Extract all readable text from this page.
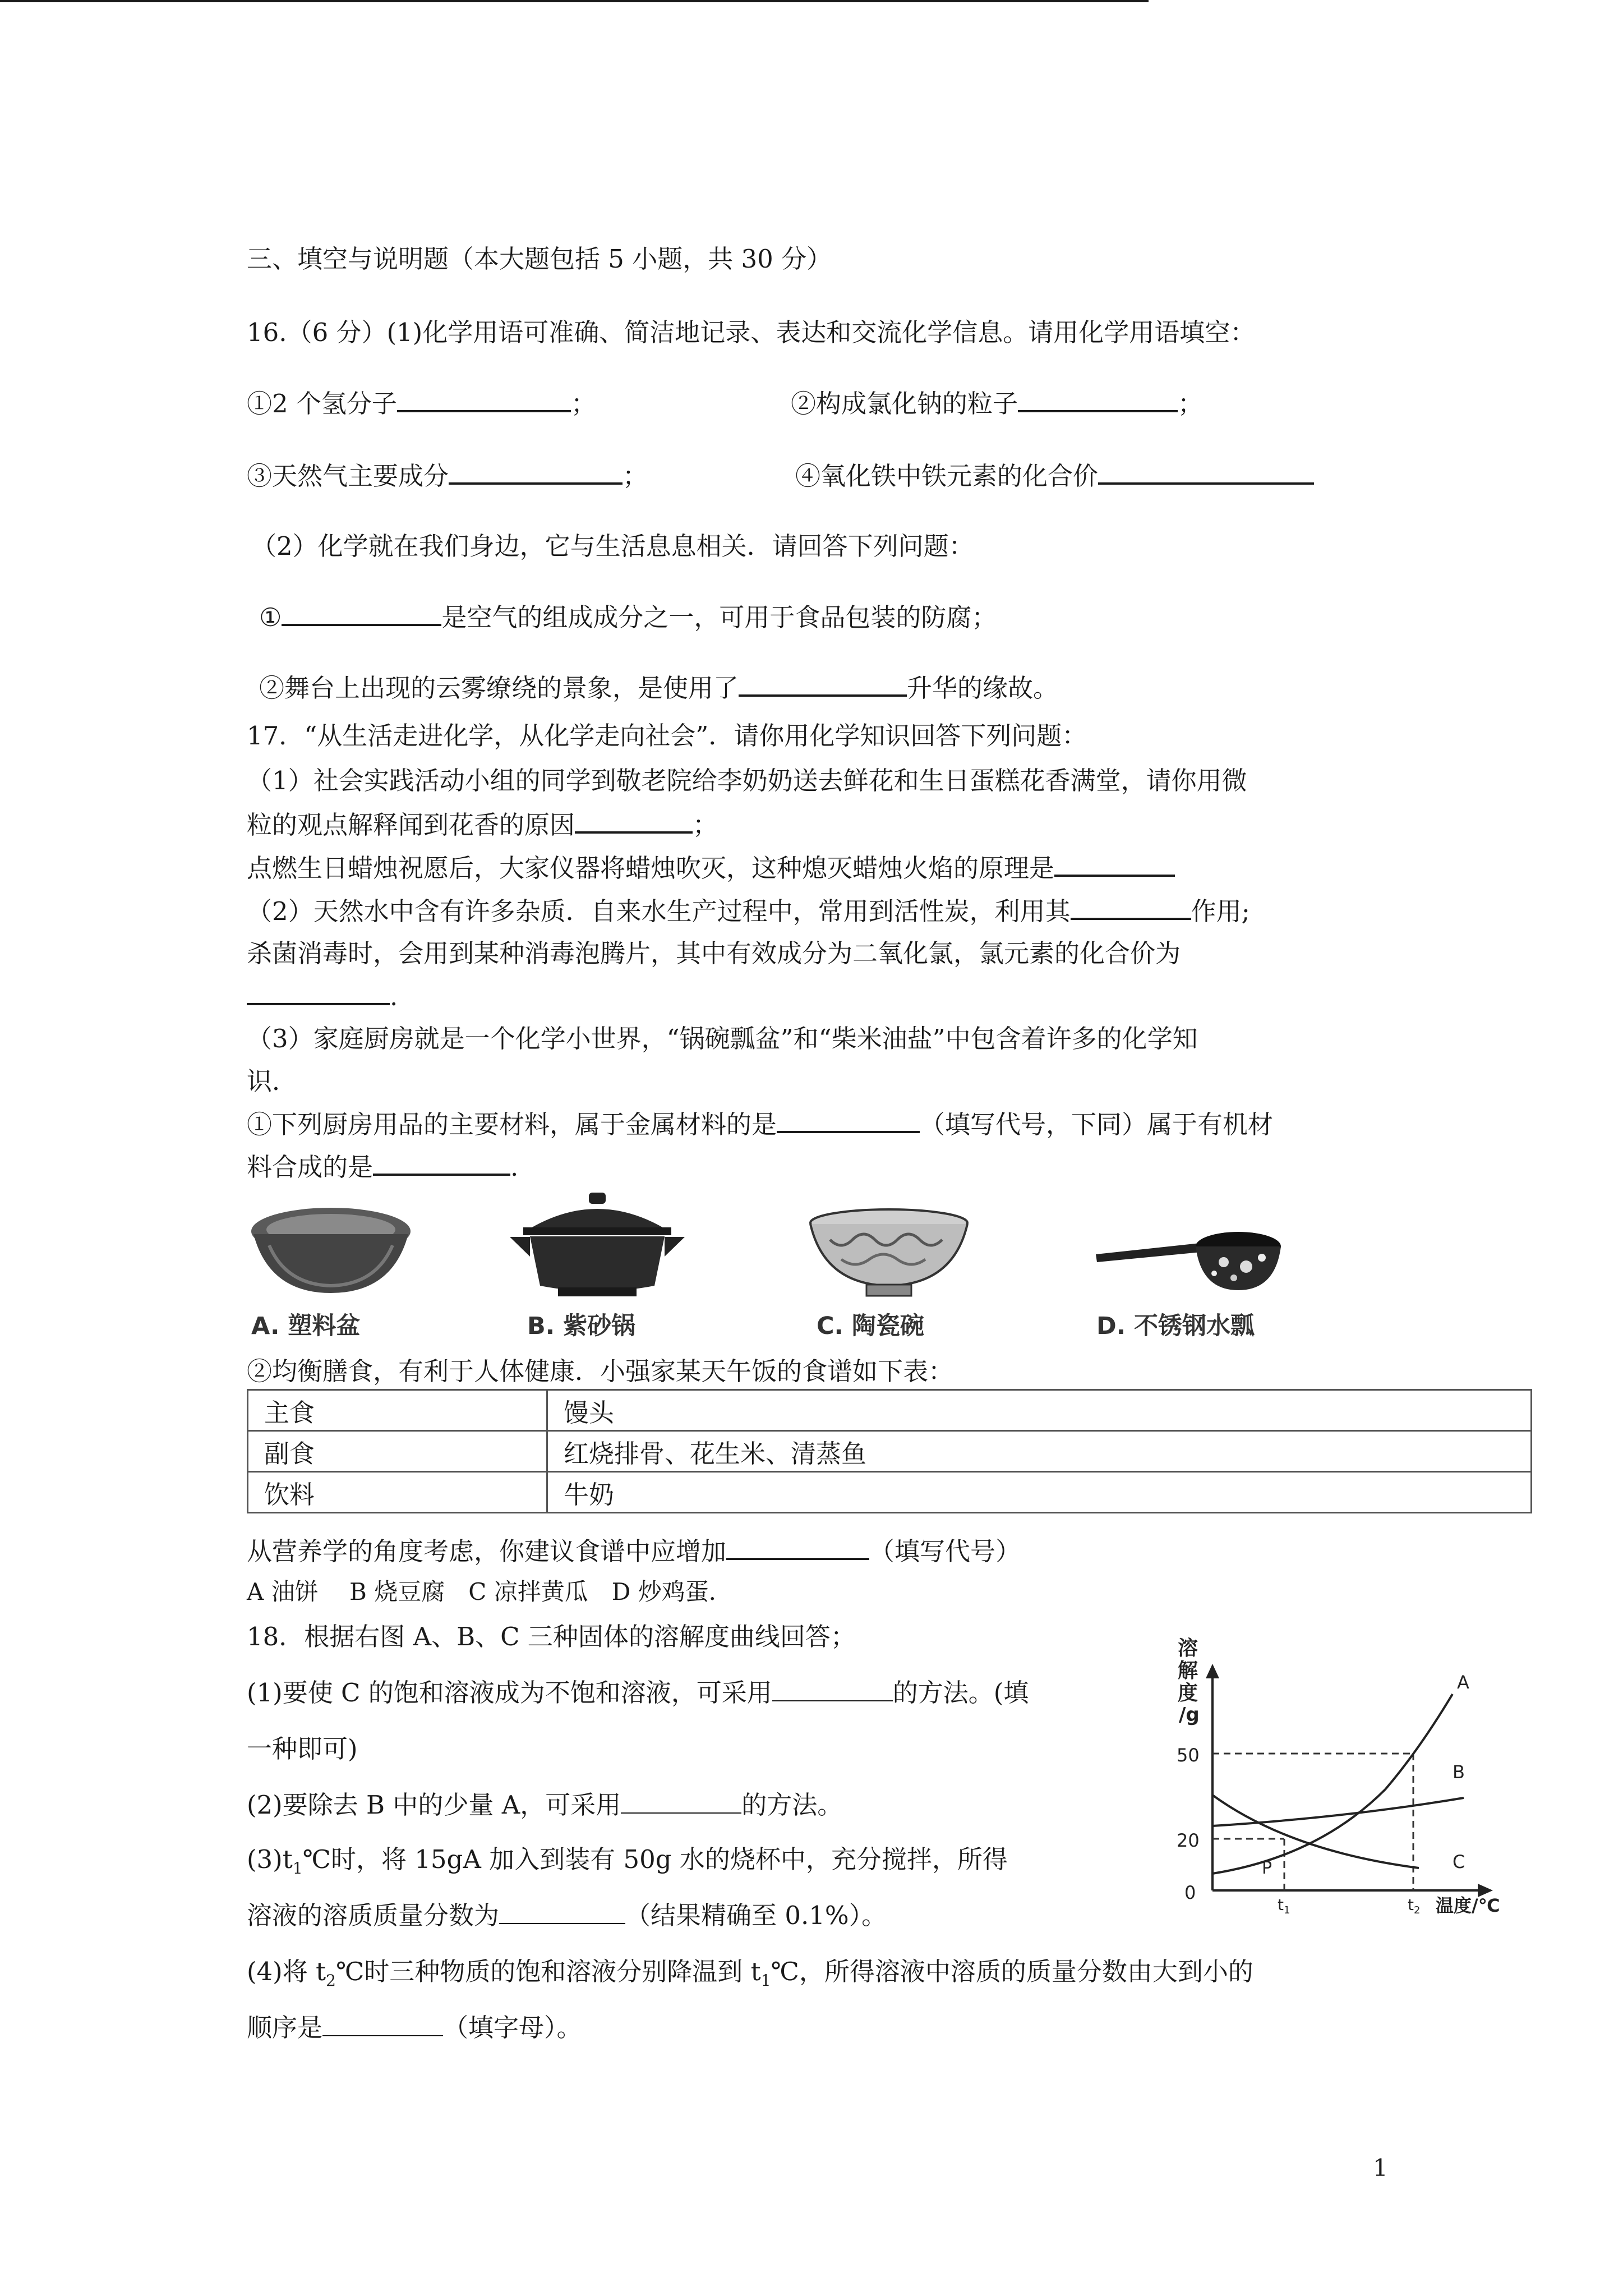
三、填空与说明题（本大题包括 5 小题，共 30 分）
16.（6 分）(1)化学用语可准确、简洁地记录、表达和交流化学信息。请用化学用语填空：
①2 个氢分子	；	②构成氯化钠的粒子	；
③天然气主要成分	；	④氧化铁中铁元素的化合价
（2）化学就在我们身边，它与生活息息相关．请回答下列问题：
①	是空气的组成成分之一，可用于食品包装的防腐；
②舞台上出现的云雾缭绕的景象，是使用了	升华的缘故。
17．“从生活走进化学，从化学走向社会”．请你用化学知识回答下列问题：
（1）社会实践活动小组的同学到敬老院给李奶奶送去鲜花和生日蛋糕花香满堂，请你用微
粒的观点解释闻到花香的原因	；
点燃生日蜡烛祝愿后，大家仪器将蜡烛吹灭，这种熄灭蜡烛火焰的原理是
（2）天然水中含有许多杂质．自来水生产过程中，常用到活性炭，利用其	作用;
杀菌消毒时，会用到某种消毒泡腾片，其中有效成分为二氧化氯，氯元素的化合价为
.
（3）家庭厨房就是一个化学小世界，“锅碗瓢盆”和“柴米油盐”中包含着许多的化学知
识．
①下列厨房用品的主要材料，属于金属材料的是	（填写代号，下同）属于有机材
料合成的是	.
A. 塑料盆	B. 紫砂锅	C. 陶瓷碗	D. 不锈钢水瓢
②均衡膳食，有利于人体健康．小强家某天午饭的食谱如下表：
主食	馒头
副食	红烧排骨、花生米、清蒸鱼
饮料	牛奶
从营养学的角度考虑，你建议食谱中应增加	（填写代号）
A 油饼　 B 烧豆腐　C 凉拌黄瓜　D 炒鸡蛋．
18．根据右图 A、B、C 三种固体的溶解度曲线回答；
(1)要使 C 的饱和溶液成为不饱和溶液，可采用	的方法。(填
一种即可)
(2)要除去 B 中的少量 A，可采用	的方法。
$(3)t_1℃$时，将 15gA 加入到装有 50g 水的烧杯中，充分搅拌，所得
溶液的溶质质量分数为	（结果精确至 0.1%）。
(4)将 $t_2℃$时三种物质的饱和溶液分别降温到 $t_1℃$，所得溶液中溶质的质量分数由大到小的
顺序是	（填字母）。
溶
解
度
/g
A
B
C
50
20
0
$t_1$	$t_2$ 温度/℃
P
1
